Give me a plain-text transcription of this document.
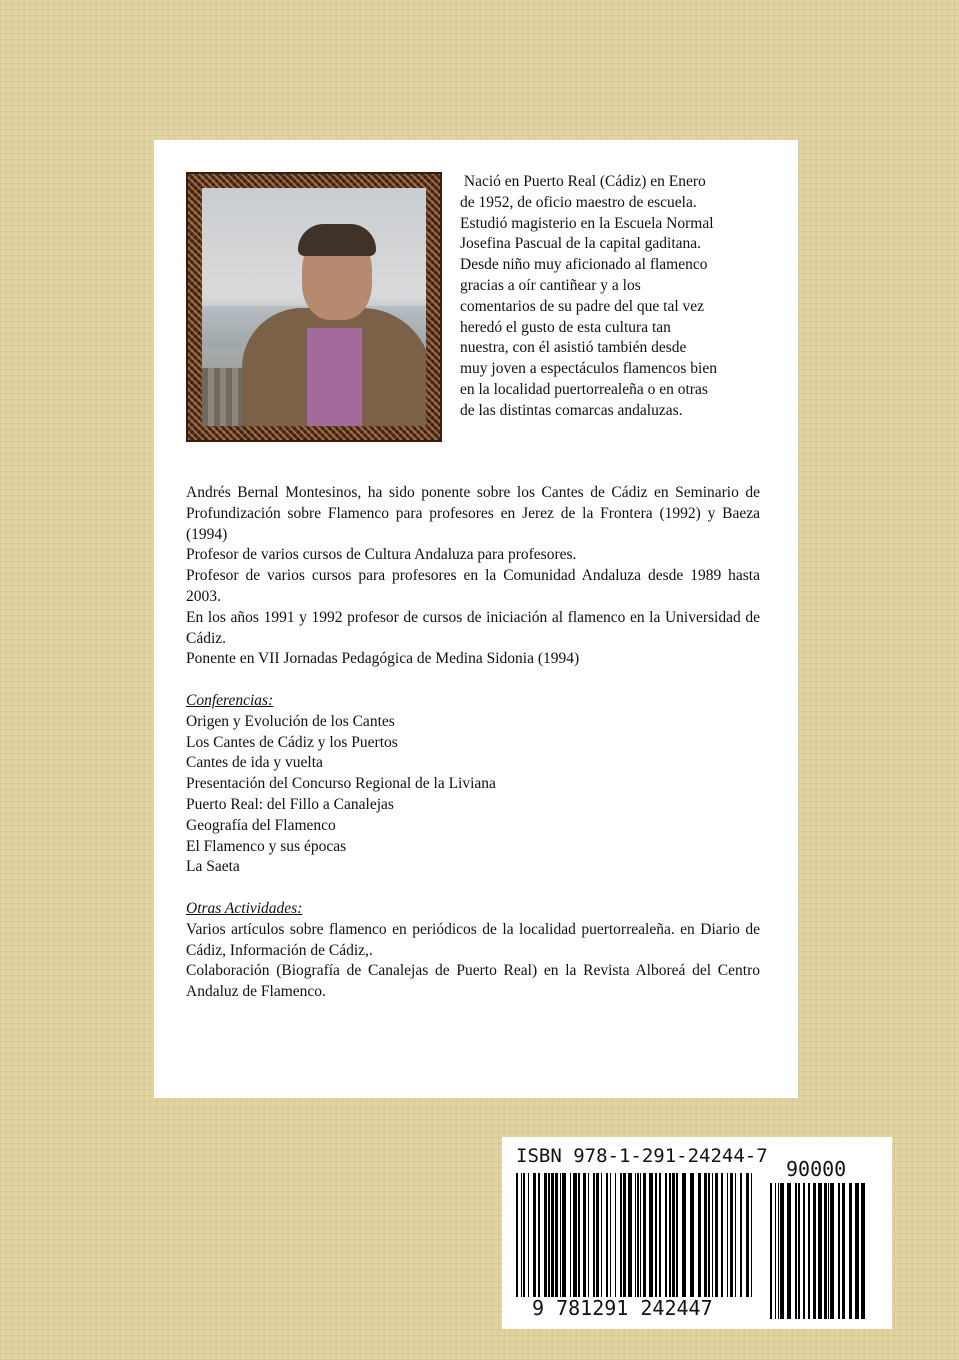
Nació en Puerto Real (Cádiz) en Enero
de 1952, de oficio maestro de escuela.
Estudió magisterio en la Escuela Normal
Josefina Pascual de la capital gaditana.
Desde niño muy aficionado al flamenco
gracias a oír cantiñear y a los
comentarios de su padre del que tal vez
heredó el gusto de esta cultura tan
nuestra, con él asistió también desde
muy joven a espectáculos flamencos bien
en la localidad puertorrealeña o en otras
de las distintas comarcas andaluzas.

Andrés Bernal Montesinos, ha sido ponente sobre los Cantes de Cádiz en Seminario de Profundización sobre Flamenco para profesores en Jerez de la Frontera (1992) y Baeza (1994)

Profesor de varios cursos de Cultura Andaluza para profesores.

Profesor de varios cursos para profesores en la Comunidad Andaluza desde 1989 hasta 2003.

En los años 1991 y 1992 profesor de cursos de iniciación al flamenco en la Universidad de Cádiz.

Ponente en VII Jornadas Pedagógica de Medina Sidonia (1994)

Conferencias:

Origen y Evolución de los Cantes

Los Cantes de Cádiz y los Puertos

Cantes de ida y vuelta

Presentación del Concurso Regional de la Liviana

Puerto Real: del Fillo a Canalejas

Geografía del Flamenco

El Flamenco y sus épocas

La Saeta

Otras Actividades:

Varios artículos sobre flamenco en periódicos de la localidad puertorrealeña. en Diario de Cádiz, Información de Cádiz,.

Colaboración (Biografía de Canalejas de Puerto Real) en la Revista Alboreá del Centro Andaluz de Flamenco.

ISBN 978-1-291-24244-7
90000
9 781291 242447
